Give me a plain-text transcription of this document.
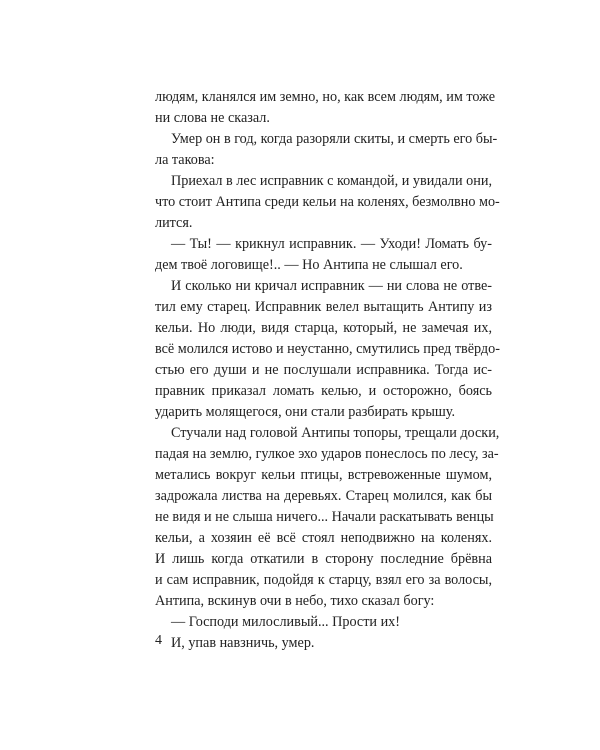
людям, кланялся им земно, но, как всем людям, им тоже
ни слова не сказал.
Умер он в год, когда разоряли скиты, и смерть его бы-
ла такова:
Приехал в лес исправник с командой, и увидали они,
что стоит Антипа среди кельи на коленях, безмолвно мо-
лится.
— Ты! — крикнул исправник. — Уходи! Ломать бу-
дем твоё логовище!.. — Но Антипа не слышал его.
И сколько ни кричал исправник — ни слова не отве-
тил ему старец. Исправник велел вытащить Антипу из
кельи. Но люди, видя старца, который, не замечая их,
всё молился истово и неустанно, смутились пред твёрдо-
стью его души и не послушали исправника. Тогда ис-
правник приказал ломать келью, и осторожно, боясь
ударить молящегося, они стали разбирать крышу.
Стучали над головой Антипы топоры, трещали доски,
падая на землю, гулкое эхо ударов понеслось по лесу, за-
метались вокруг кельи птицы, встревоженные шумом,
задрожала листва на деревьях. Старец молился, как бы
не видя и не слыша ничего... Начали раскатывать венцы
кельи, а хозяин её всё стоял неподвижно на коленях.
И лишь когда откатили в сторону последние брёвна
и сам исправник, подойдя к старцу, взял его за волосы,
Антипа, вскинув очи в небо, тихо сказал богу:
— Господи милосливый... Прости их!
И, упав навзничь, умер.
4
